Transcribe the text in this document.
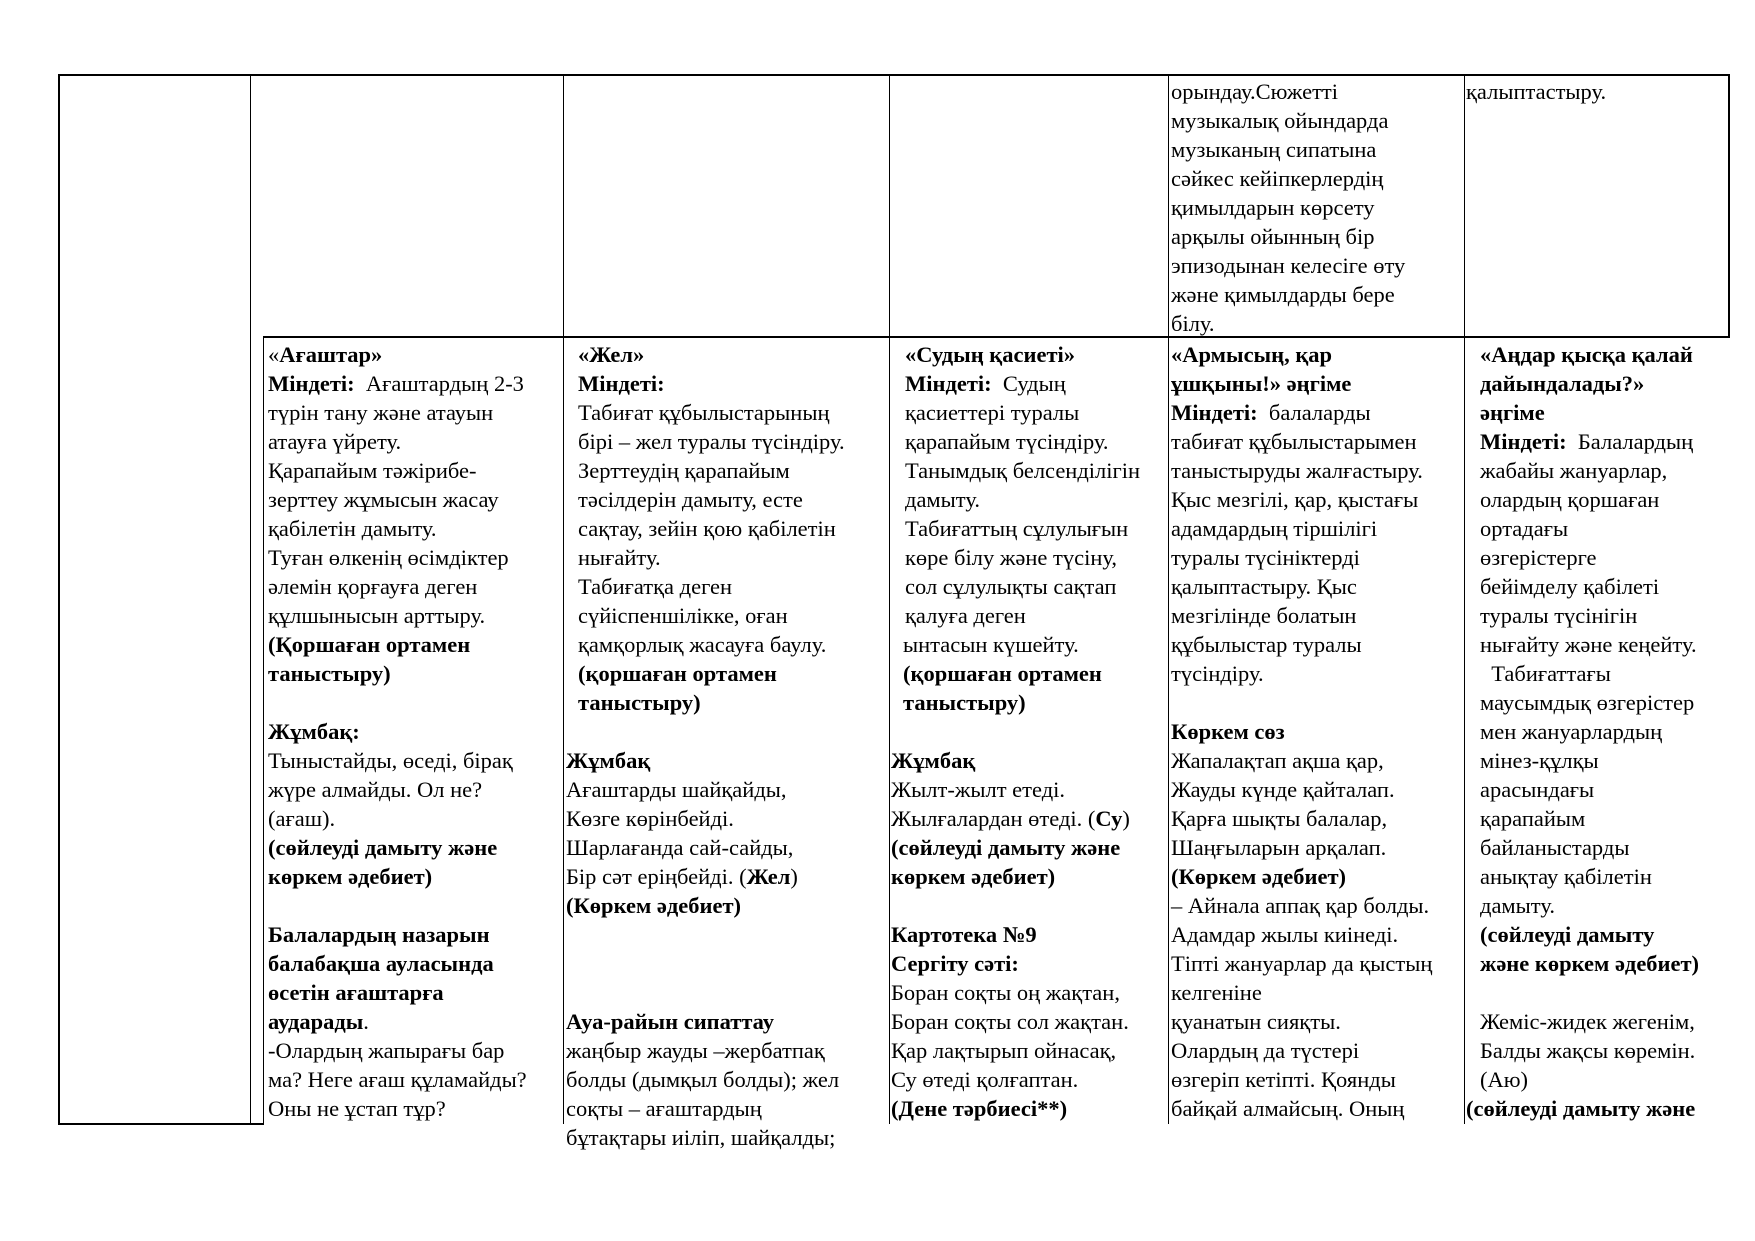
орындау.Сюжетті
музыкалық ойындарда
музыканың сипатына
сәйкес кейіпкерлердің
қимылдарын көрсету
арқылы ойынның бір
эпизодынан келесіге өту
және қимылдарды бере
білу.
қалыптастыру.
«Ағаштар»
Міндеті:  Ағаштардың 2-3
түрін тану және атауын
атауға үйрету.
Қарапайым тәжірибе-
зерттеу жұмысын жасау
қабілетін дамыту.
Туған өлкенің өсімдіктер
әлемін қорғауға деген
құлшынысын арттыру.
(Қоршаған ортамен
таныстыру)
Жұмбақ:
Тыныстайды, өседі, бірақ
жүре алмайды. Ол не?
(ағаш).
(сөйлеуді дамыту және
көркем әдебиет)
Балалардың назарын
балабақша ауласында
өсетін ағаштарға
аударады.
-Олардың жапырағы бар
ма? Неге ағаш құламайды?
Оны не ұстап тұр?
«Жел»
Міндеті:
Табиғат құбылыстарының
бірі – жел туралы түсіндіру.
Зерттеудің қарапайым
тәсілдерін дамыту, есте
сақтау, зейін қою қабілетін
нығайту.
Табиғатқа деген
сүйіспеншілікке, оған
қамқорлық жасауға баулу.
(қоршаған ортамен
таныстыру)
Жұмбақ
Ағаштарды шайқайды,
Көзге көрінбейді.
Шарлағанда сай-сайды,
Бір сәт еріңбейді. (Жел)
(Көркем әдебиет)
Ауа-райын сипаттау
жаңбыр жауды –жербатпақ
болды (дымқыл болды); жел
соқты – ағаштардың
бұтақтары иіліп, шайқалды;
«Судың қасиеті»
Міндеті:  Судың
қасиеттері туралы
қарапайым түсіндіру.
Танымдық белсенділігін
дамыту.
Табиғаттың сұлулығын
көре білу және түсіну,
сол сұлулықты сақтап
қалуға деген
ынтасын күшейту.
(қоршаған ортамен
таныстыру)
Жұмбақ
Жылт-жылт етеді.
Жылғалардан өтеді. (Су)
(сөйлеуді дамыту және
көркем әдебиет)
Картотека №9
Сергіту сәті:
Боран соқты оң жақтан,
Боран соқты сол жақтан.
Қар лақтырып ойнасақ,
Су өтеді қолғаптан.
(Дене тәрбиесі**)
«Армысың, қар
ұшқыны!» әңгіме
Міндеті:  балаларды
табиғат құбылыстарымен
таныстыруды жалғастыру.
Қыс мезгілі, қар, қыстағы
адамдардың тіршілігі
туралы түсініктерді
қалыптастыру. Қыс
мезгілінде болатын
құбылыстар туралы
түсіндіру.
Көркем сөз
Жапалақтап ақша қар,
Жауды күнде қайталап.
Қарға шықты балалар,
Шаңғыларын арқалап.
(Көркем әдебиет)
– Айнала аппақ қар болды.
Адамдар жылы киінеді.
Тіпті жануарлар да қыстың
келгеніне
қуанатын сияқты.
Олардың да түстері
өзгеріп кетіпті. Қоянды
байқай алмайсың. Оның
«Аңдар қысқа қалай
дайындалады?»
әңгіме
Міндеті:  Балалардың
жабайы жануарлар,
олардың қоршаған
ортадағы
өзгерістерге
бейімделу қабілеті
туралы түсінігін
нығайту және кеңейту.
Табиғаттағы
маусымдық өзгерістер
мен жануарлардың
мінез-құлқы
арасындағы
қарапайым
байланыстарды
анықтау қабілетін
дамыту.
(сөйлеуді дамыту
және көркем әдебиет)
Жеміс-жидек жегенім,
Балды жақсы көремін.
(Аю)
(сөйлеуді дамыту және
